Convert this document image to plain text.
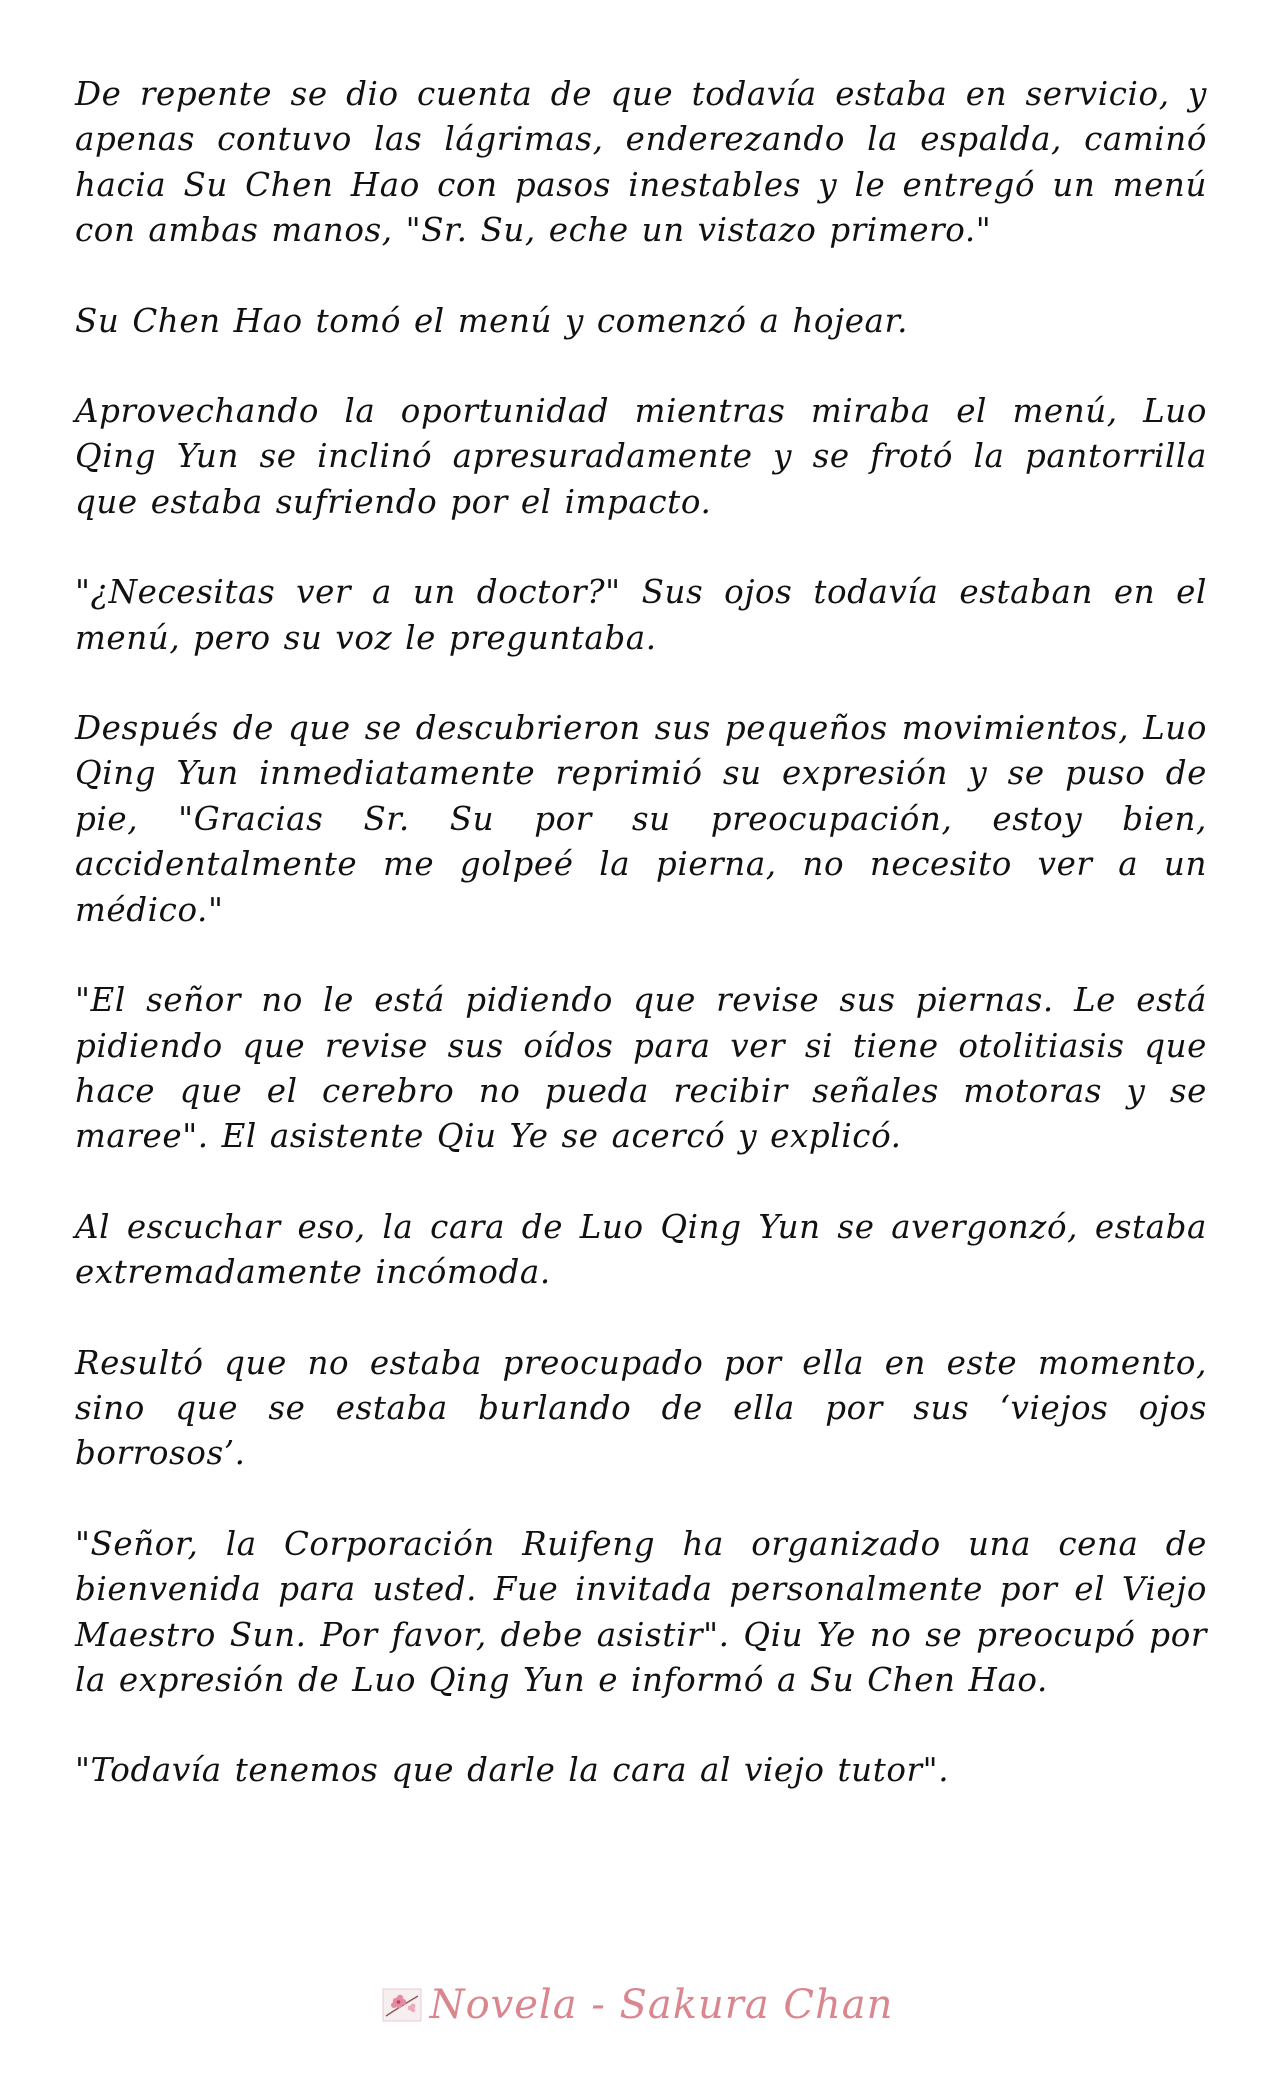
De repente se dio cuenta de que todavía estaba en servicio, y apenas contuvo las lágrimas, enderezando la espalda, caminó hacia Su Chen Hao con pasos inestables y le entregó un menú con ambas manos, "Sr. Su, eche un vistazo primero."

Su Chen Hao tomó el menú y comenzó a hojear.

Aprovechando la oportunidad mientras miraba el menú, Luo Qing Yun se inclinó apresuradamente y se frotó la pantorrilla que estaba sufriendo por el impacto.

"¿Necesitas ver a un doctor?" Sus ojos todavía estaban en el menú, pero su voz le preguntaba.

Después de que se descubrieron sus pequeños movimientos, Luo Qing Yun inmediatamente reprimió su expresión y se puso de pie, "Gracias Sr. Su por su preocupación, estoy bien, accidentalmente me golpeé la pierna, no necesito ver a un médico."

"El señor no le está pidiendo que revise sus piernas. Le está pidiendo que revise sus oídos para ver si tiene otolitiasis que hace que el cerebro no pueda recibir señales motoras y se maree". El asistente Qiu Ye se acercó y explicó.

Al escuchar eso, la cara de Luo Qing Yun se avergonzó, estaba extremadamente incómoda.

Resultó que no estaba preocupado por ella en este momento, sino que se estaba burlando de ella por sus ‘viejos ojos borrosos’.

"Señor, la Corporación Ruifeng ha organizado una cena de bienvenida para usted. Fue invitada personalmente por el Viejo Maestro Sun. Por favor, debe asistir". Qiu Ye no se preocupó por la expresión de Luo Qing Yun e informó a Su Chen Hao.

"Todavía tenemos que darle la cara al viejo tutor".

Novela - Sakura Chan
